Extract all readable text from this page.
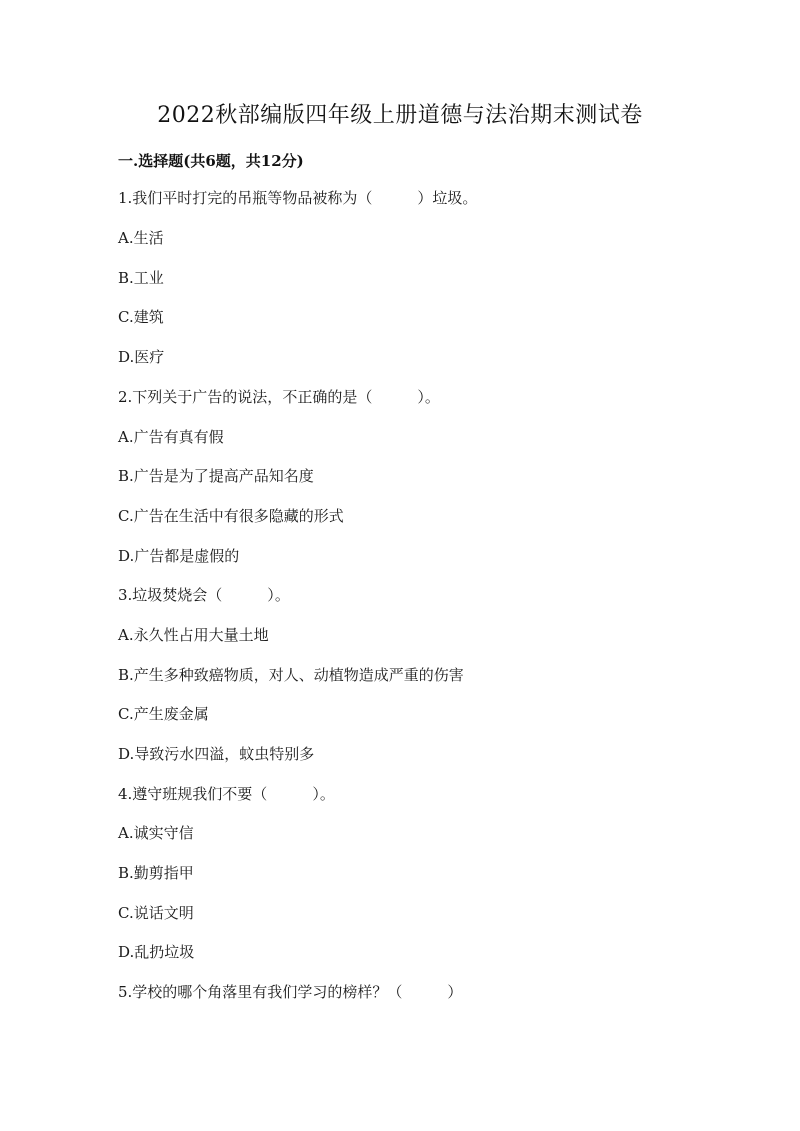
2022秋部编版四年级上册道德与法治期末测试卷
一.选择题(共6题，共12分)
1.我们平时打完的吊瓶等物品被称为（　　　）垃圾。
A.生活
B.工业
C.建筑
D.医疗
2.下列关于广告的说法，不正确的是（　　　）。
A.广告有真有假
B.广告是为了提高产品知名度
C.广告在生活中有很多隐藏的形式
D.广告都是虚假的
3.垃圾焚烧会（　　　）。
A.永久性占用大量土地
B.产生多种致癌物质，对人、动植物造成严重的伤害
C.产生废金属
D.导致污水四溢，蚊虫特别多
4.遵守班规我们不要（　　　）。
A.诚实守信
B.勤剪指甲
C.说话文明
D.乱扔垃圾
5.学校的哪个角落里有我们学习的榜样？（　　　）
